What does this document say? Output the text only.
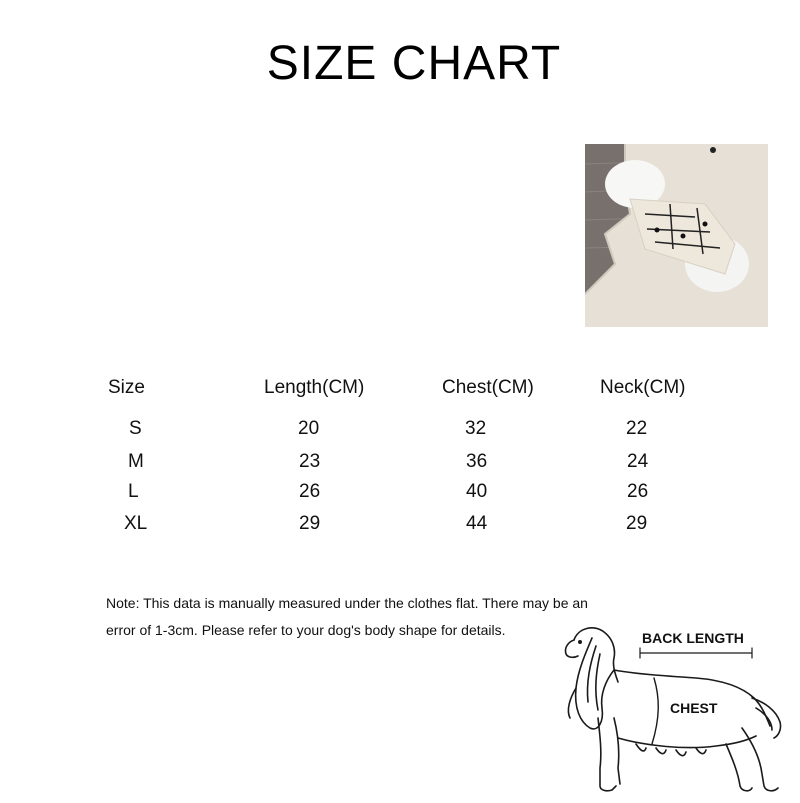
SIZE CHART
Size	Length(CM)	Chest(CM)	Neck(CM)
S	20	32	22
M	23	36	24
L	26	40	26
XL	29	44	29
Note: This data is manually measured under the clothes flat. There may be an
error of 1-3cm. Please refer to your dog's body shape for details.	BACK LENGTH
CHEST
